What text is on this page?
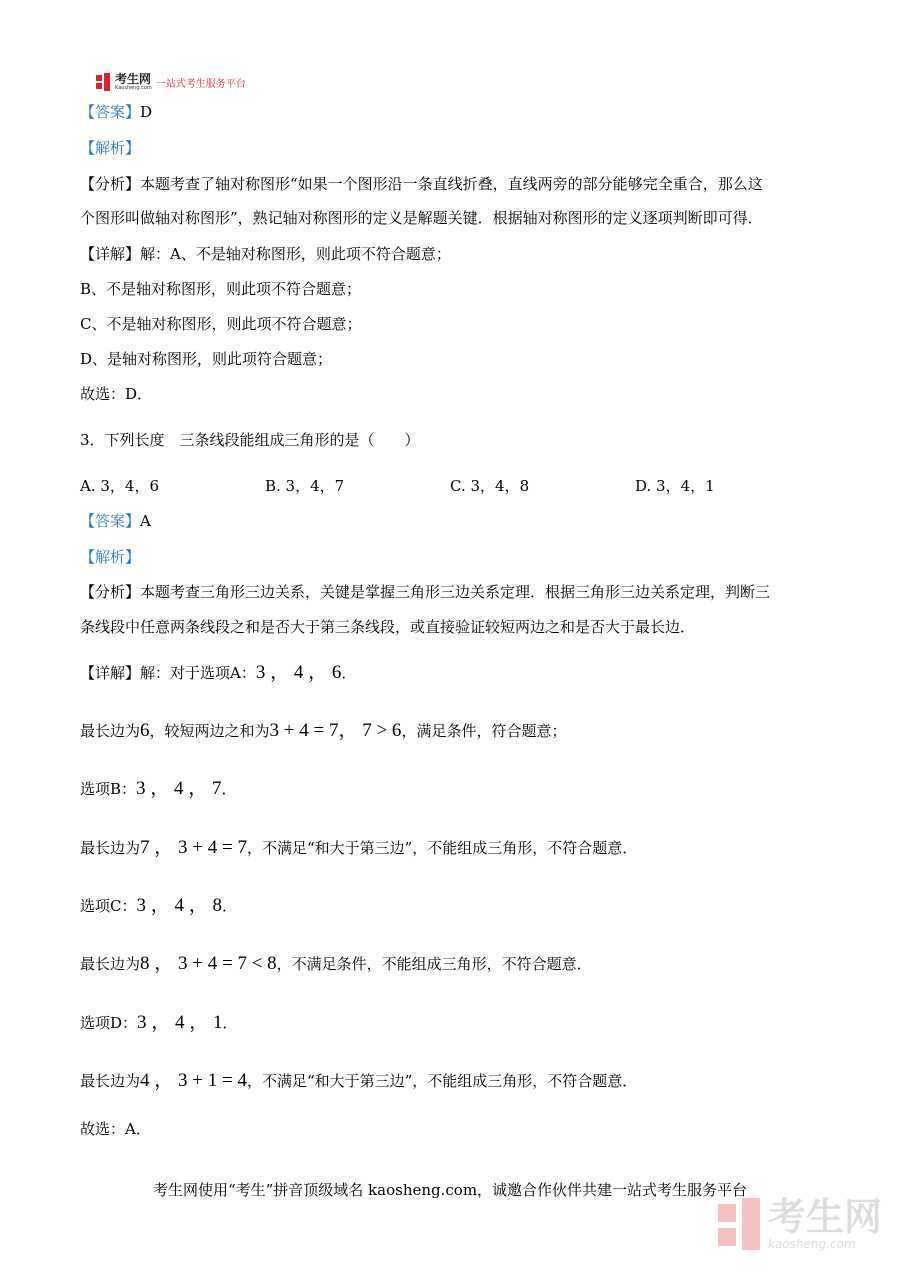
考生网
Kaosheng.com 一站式考生服务平台
【答案】D
【解析】
【分析】本题考查了轴对称图形“如果一个图形沿一条直线折叠，直线两旁的部分能够完全重合，那么这
个图形叫做轴对称图形”，熟记轴对称图形的定义是解题关键．根据轴对称图形的定义逐项判断即可得．
【详解】解：A、不是轴对称图形，则此项不符合题意；
B、不是轴对称图形，则此项不符合题意；
C、不是轴对称图形，则此项不符合题意；
D、是轴对称图形，则此项符合题意；
故选：D．
3．下列长度　三条线段能组成三角形的是（　　）
A. 3，4，6	B. 3，4，7	C. 3，4，8	D. 3，4，1
【答案】A
【解析】
【分析】本题考查三角形三边关系，关键是掌握三角形三边关系定理．根据三角形三边关系定理，判断三
条线段中任意两条线段之和是否大于第三条线段，或直接验证较短两边之和是否大于最长边．
【详解】解：对于选项A：3 ， 4 ， 6．
最长边为6，较短两边之和为3 + 4 = 7， 7 > 6，满足条件，符合题意；
选项B：3 ， 4 ， 7．
最长边为7 ， 3 + 4 = 7，不满足“和大于第三边”，不能组成三角形，不符合题意．
选项C：3 ， 4 ， 8．
最长边为8 ， 3 + 4 = 7 < 8，不满足条件，不能组成三角形，不符合题意．
选项D：3 ， 4 ， 1．
最长边为4 ， 3 + 1 = 4，不满足“和大于第三边”，不能组成三角形，不符合题意．
故选：A．
考生网使用“考生”拼音顶级域名 kaosheng.com，诚邀合作伙伴共建一站式考生服务平台
考生网
kaosheng.com
